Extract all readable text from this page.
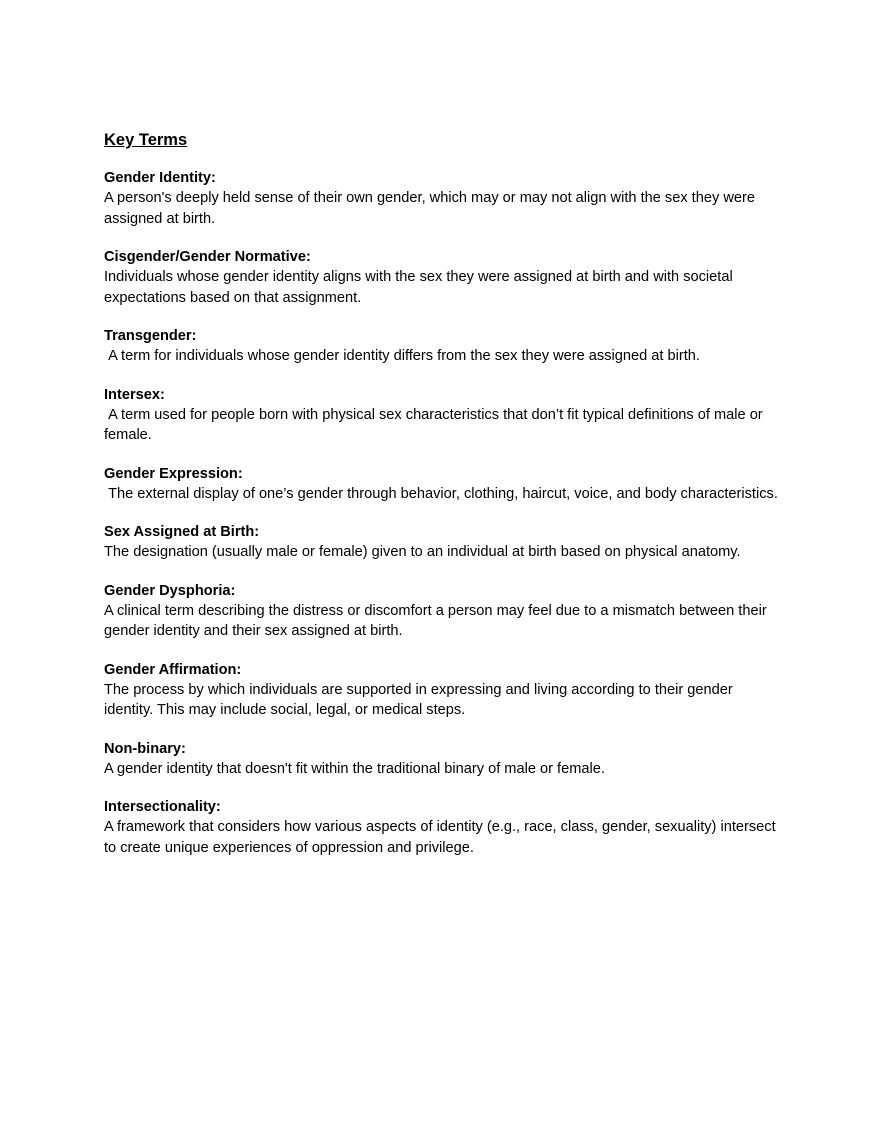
Key Terms

Gender Identity:

A person's deeply held sense of their own gender, which may or may not align with the sex they were assigned at birth.

Cisgender/Gender Normative:

Individuals whose gender identity aligns with the sex they were assigned at birth and with societal expectations based on that assignment.

Transgender:

A term for individuals whose gender identity differs from the sex they were assigned at birth.

Intersex:

A term used for people born with physical sex characteristics that don’t fit typical definitions of male or female.

Gender Expression:

The external display of one’s gender through behavior, clothing, haircut, voice, and body characteristics.

Sex Assigned at Birth:

The designation (usually male or female) given to an individual at birth based on physical anatomy.

Gender Dysphoria:

A clinical term describing the distress or discomfort a person may feel due to a mismatch between their gender identity and their sex assigned at birth.

Gender Affirmation:

The process by which individuals are supported in expressing and living according to their gender identity. This may include social, legal, or medical steps.

Non-binary:

A gender identity that doesn't fit within the traditional binary of male or female.

Intersectionality:

A framework that considers how various aspects of identity (e.g., race, class, gender, sexuality) intersect to create unique experiences of oppression and privilege.
